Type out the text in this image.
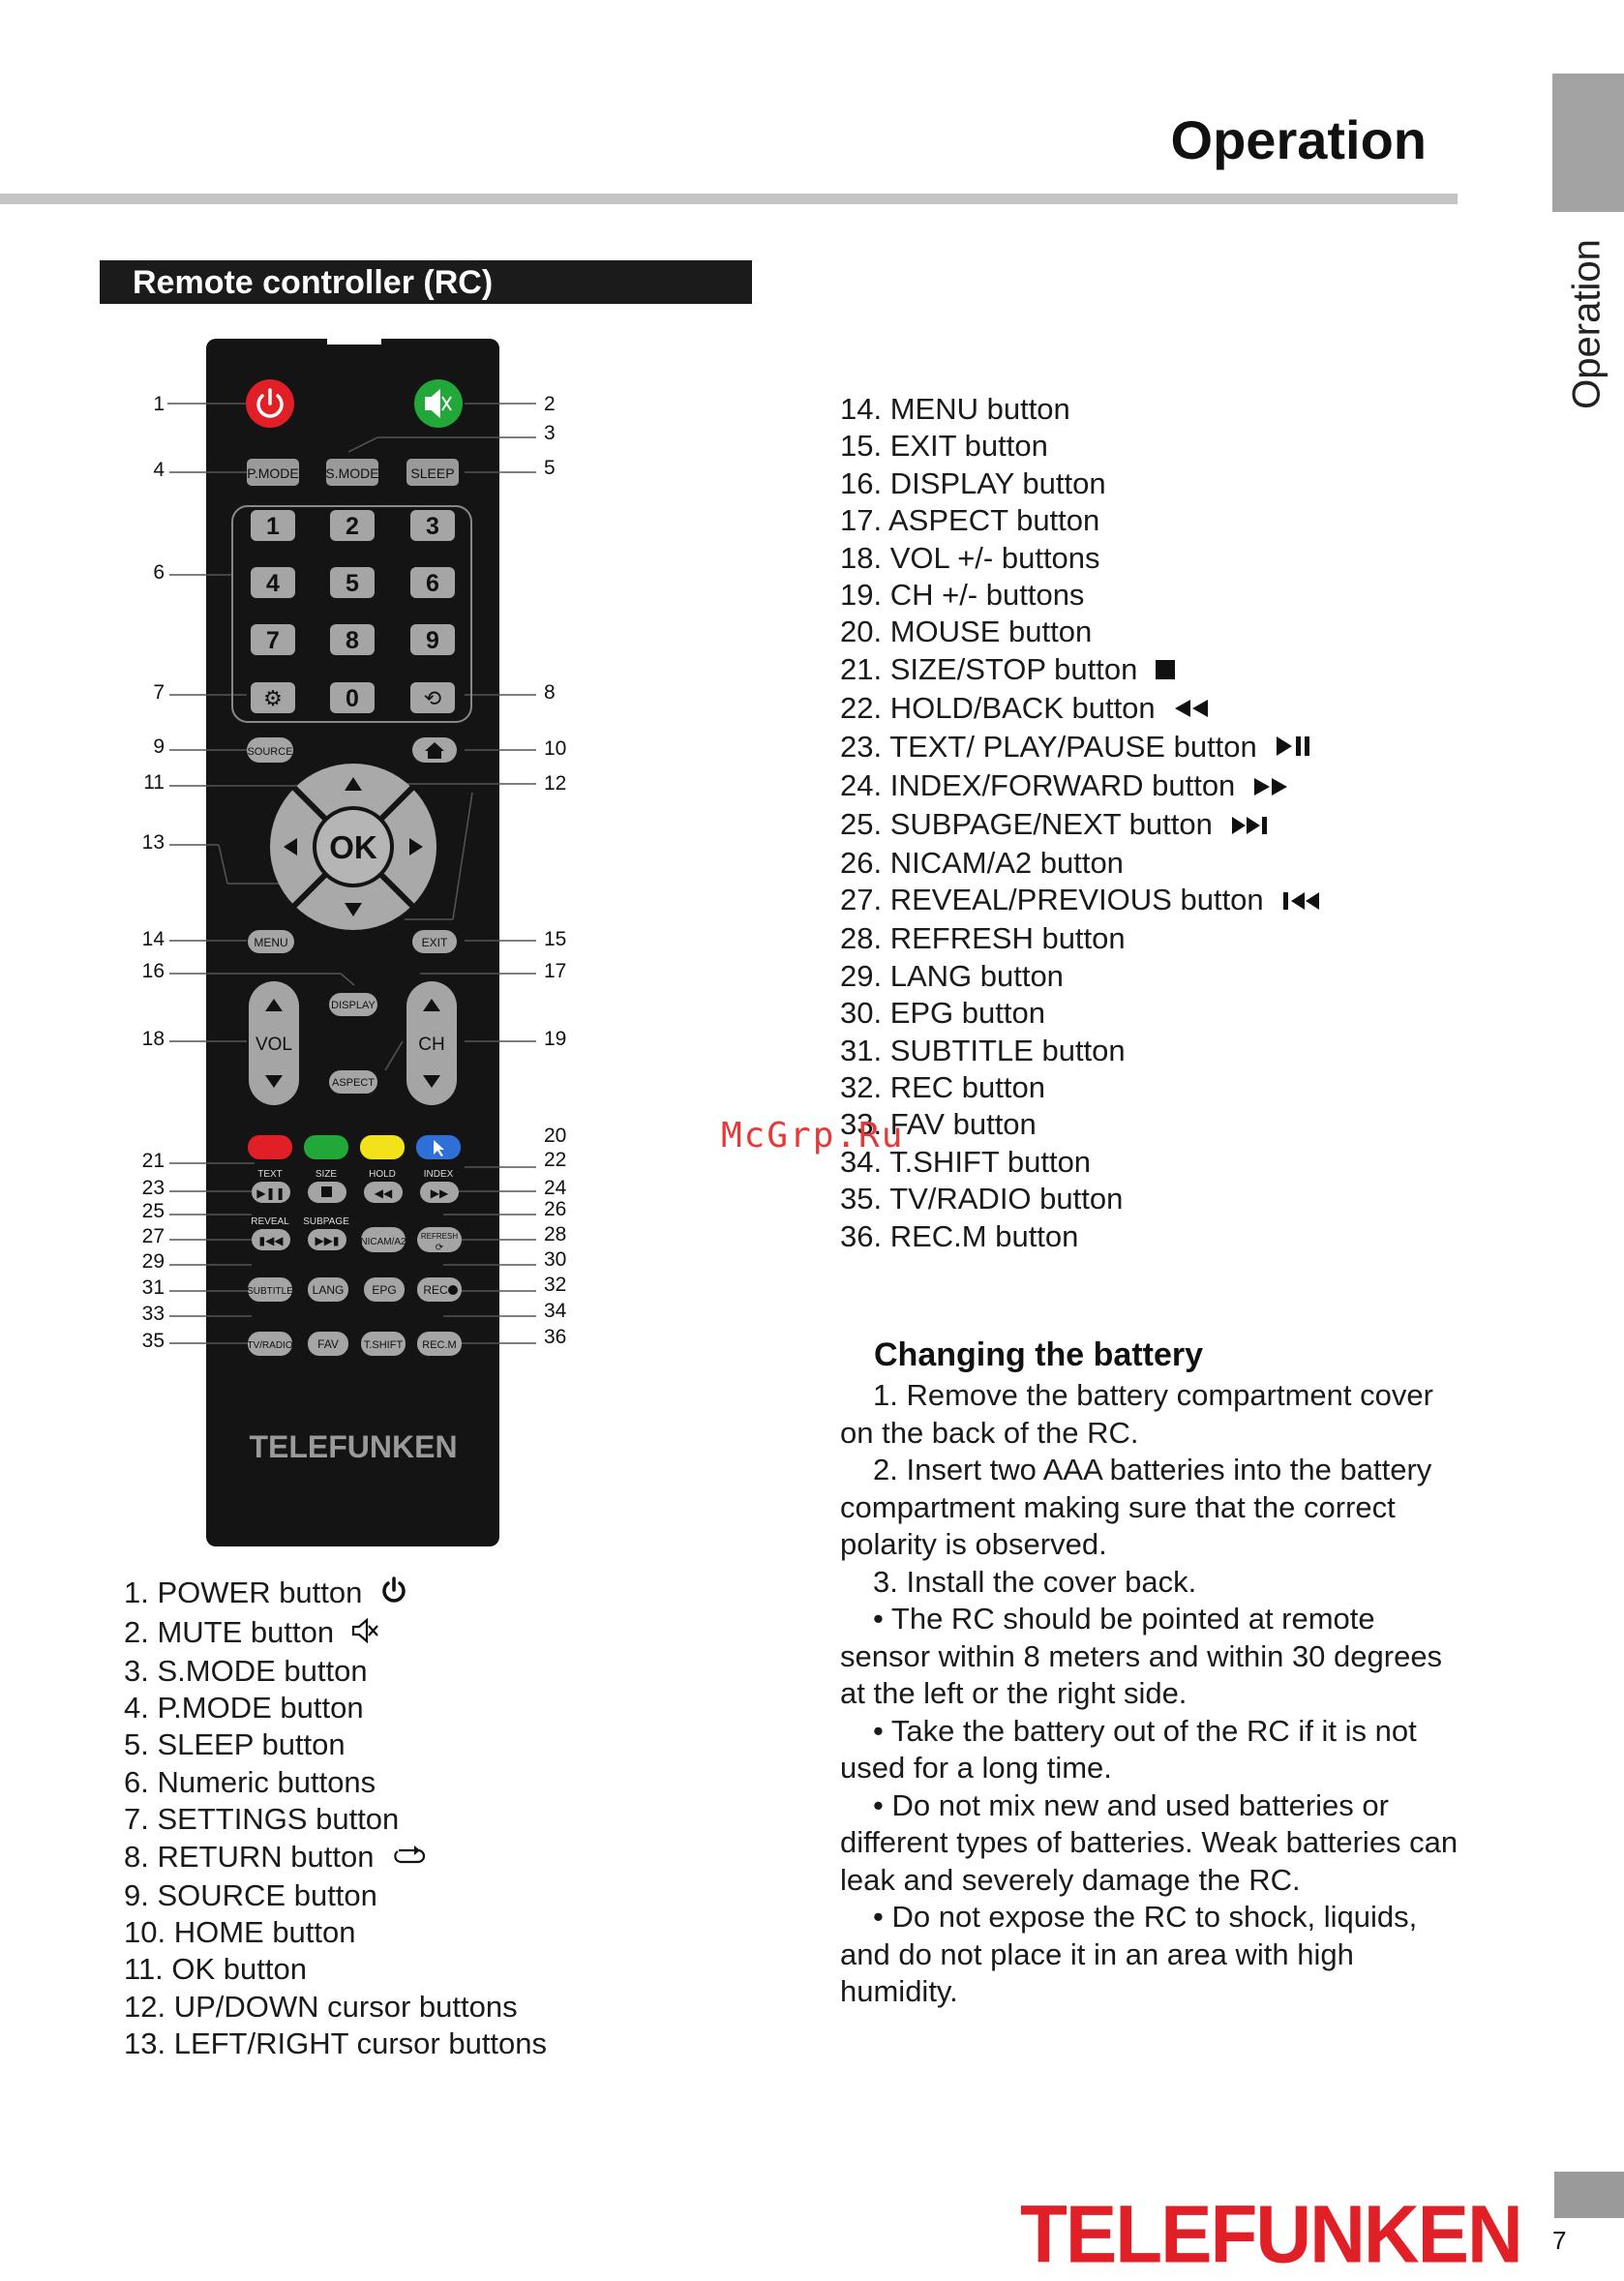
Operation
Operation
Remote controller (RC)
P.MODE S.MODE SLEEP
1	2	3
4	5	6
7	8	9
0
⚙	⟲
SOURCE
OK
MENU	EXIT
VOL	CH
DISPLAY
ASPECT
TEXT	SIZE	HOLD	INDEX
▶❚❚	◀◀	▶▶
REVEAL SUBPAGE
▮◀◀	▶▶▮ NICAM/A2
REFRESH
⟳
SUBTITLE LANG EPG REC
TV/RADIO FAV T.SHIFT REC.M
TELEFUNKEN
1
4
6
7
9
11
13
14
16
18
21
23
25
27
29
31
33
35
2
3
5
8
10
12
15
17
19
20
22
24
26
28
30
32
34
36
1. POWER button
2. MUTE button
3. S.MODE button
4. P.MODE button
5. SLEEP button
6. Numeric buttons
7. SETTINGS button
8. RETURN button
9. SOURCE button
10. HOME button
11. OK button
12. UP/DOWN cursor buttons
13. LEFT/RIGHT cursor buttons
14. MENU button
15. EXIT button
16. DISPLAY button
17. ASPECT button
18. VOL +/- buttons
19. CH +/- buttons
20. MOUSE button
21. SIZE/STOP button
22. HOLD/BACK button
23. TEXT/ PLAY/PAUSE button
24. INDEX/FORWARD button
25. SUBPAGE/NEXT button
26. NICAM/A2 button
27. REVEAL/PREVIOUS button
28. REFRESH button
29. LANG button
30. EPG button
31. SUBTITLE button
32. REC button
33. FAV button
34. T.SHIFT button
35. TV/RADIO button
36. REC.M button
Changing the battery

1. Remove the battery compartment cover

on the back of the RC.

2. Insert two AAA batteries into the battery

compartment making sure that the correct

polarity is observed.

3. Install the cover back.

• The RC should be pointed at remote

sensor within 8 meters and within 30 degrees

at the left or the right side.

• Take the battery out of the RC if it is not

used for a long time.

• Do not mix new and used batteries or

different types of batteries. Weak batteries can

leak and severely damage the RC.

• Do not expose the RC to shock, liquids,

and do not place it in an area with high

humidity.

McGrp.Ru
TELEFUNKEN 7
